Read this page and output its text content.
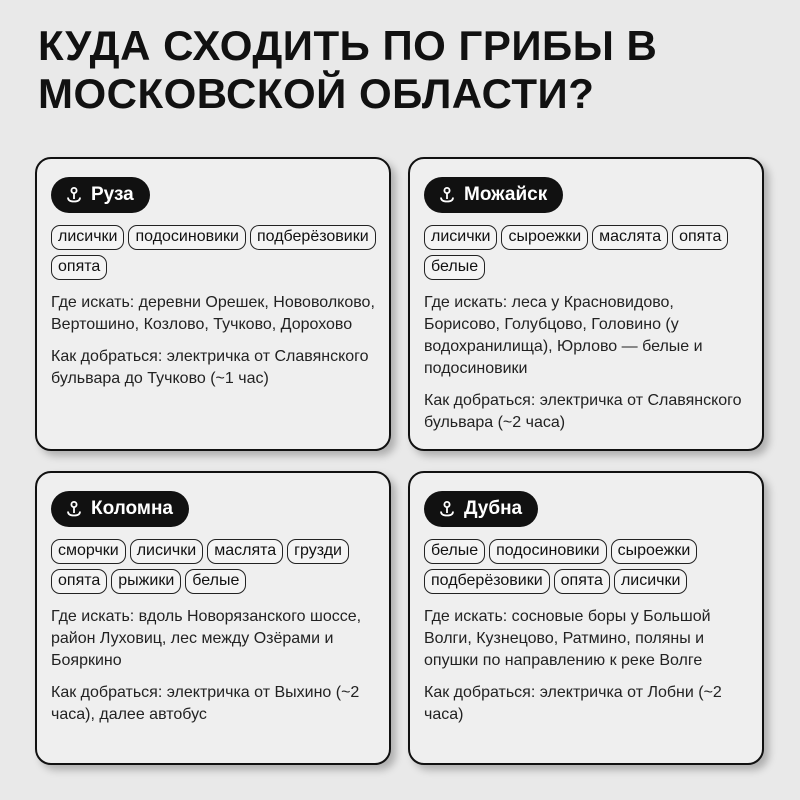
КУДА СХОДИТЬ ПО ГРИБЫ В МОСКОВСКОЙ ОБЛАСТИ?
Руза
лисички	подосиновики	подберёзовики
опята
Где искать: деревни Орешек, Нововолково, Вертошино, Козлово, Тучково, Дорохово
Как добраться: электричка от Славянского бульвара до Тучково (~1 час)
Можайск
лисички	сыроежки	маслята	опята
белые
Где искать: леса у Красновидово, Борисово, Голубцово, Головино (у водохранилища), Юрлово — белые и подосиновики
Как добраться: электричка от Славянского бульвара (~2 часа)
Коломна
сморчки	лисички	маслята	грузди
опята	рыжики	белые
Где искать: вдоль Новорязанского шоссе, район Луховиц, лес между Озёрами и Бояркино
Как добраться: электричка от Выхино (~2 часа), далее автобус
Дубна
белые	подосиновики	сыроежки
подберёзовики	опята	лисички
Где искать: сосновые боры у Большой Волги, Кузнецово, Ратмино, поляны и опушки по направлению к реке Волге
Как добраться: электричка от Лобни (~2 часа)
